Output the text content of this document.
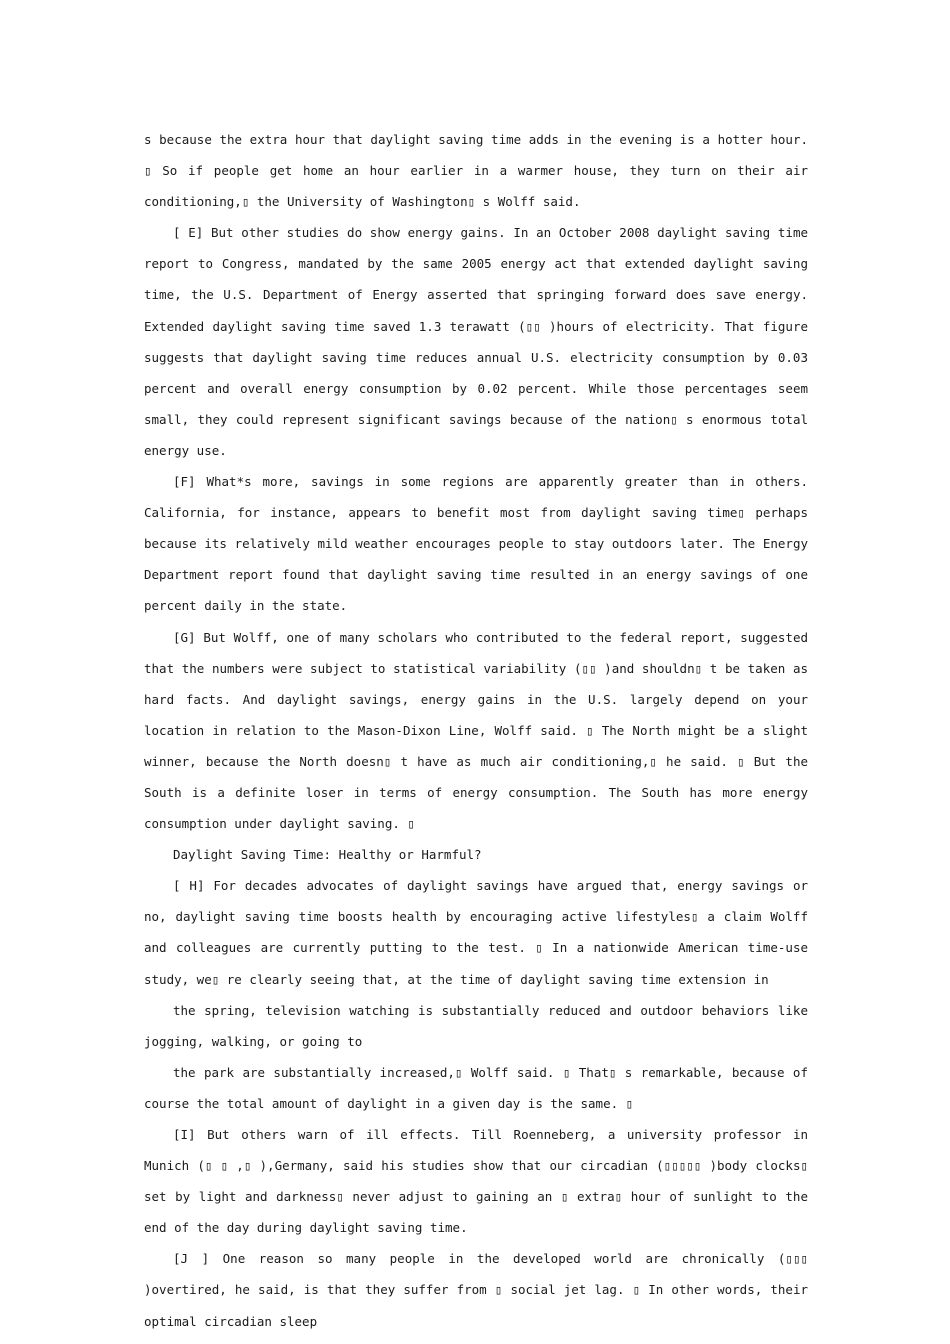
s because the extra hour that daylight saving time adds in the evening is a hotter hour. ▯ So if people get home an hour earlier in a warmer house, they turn on their air conditioning,▯ the University of Washington▯ s Wolff said.

[ E] But other studies do show energy gains. In an October 2008 daylight saving time report to Congress, mandated by the same 2005 energy act that extended daylight saving time, the U.S. Department of Energy asserted that springing forward does save energy. Extended daylight saving time saved 1.3 terawatt (▯▯ )hours of electricity. That figure suggests that daylight saving time reduces annual U.S. electricity consumption by 0.03 percent and overall energy consumption by 0.02 percent. While those percentages seem small, they could represent significant savings because of the nation▯ s enormous total energy use.

[F] What*s more, savings in some regions are apparently greater than in others. California, for instance, appears to benefit most from daylight saving time▯ perhaps because its relatively mild weather encourages people to stay outdoors later. The Energy Department report found that daylight saving time resulted in an energy savings of one percent daily in the state.

[G] But Wolff, one of many scholars who contributed to the federal report, suggested that the numbers were subject to statistical variability (▯▯ )and shouldn▯ t be taken as hard facts. And daylight savings, energy gains in the U.S. largely depend on your location in relation to the Mason-Dixon Line, Wolff said. ▯ The North might be a slight winner, because the North doesn▯ t have as much air conditioning,▯ he said. ▯ But the South is a definite loser in terms of energy consumption. The South has more energy consumption under daylight saving. ▯

Daylight Saving Time: Healthy or Harmful?

[ H] For decades advocates of daylight savings have argued that, energy savings or no, daylight saving time boosts health by encouraging active lifestyles▯ a claim Wolff and colleagues are currently putting to the test. ▯ In a nationwide American time-use study, we▯ re clearly seeing that, at the time of daylight saving time extension in

the spring, television watching is substantially reduced and outdoor behaviors like jogging, walking, or going to

the park are substantially increased,▯ Wolff said. ▯ That▯ s remarkable, because of course the total amount of daylight in a given day is the same. ▯

[I] But others warn of ill effects. Till Roenneberg, a university professor in Munich (▯ ▯ ,▯ ),Germany, said his studies show that our circadian (▯▯▯▯▯ )body clocks▯ set by light and darkness▯ never adjust to gaining an ▯ extra▯ hour of sunlight to the end of the day during daylight saving time.

[J ] One reason so many people in the developed world are chronically (▯▯▯ )overtired, he said, is that they suffer from ▯ social jet lag. ▯ In other words, their optimal circadian sleep
